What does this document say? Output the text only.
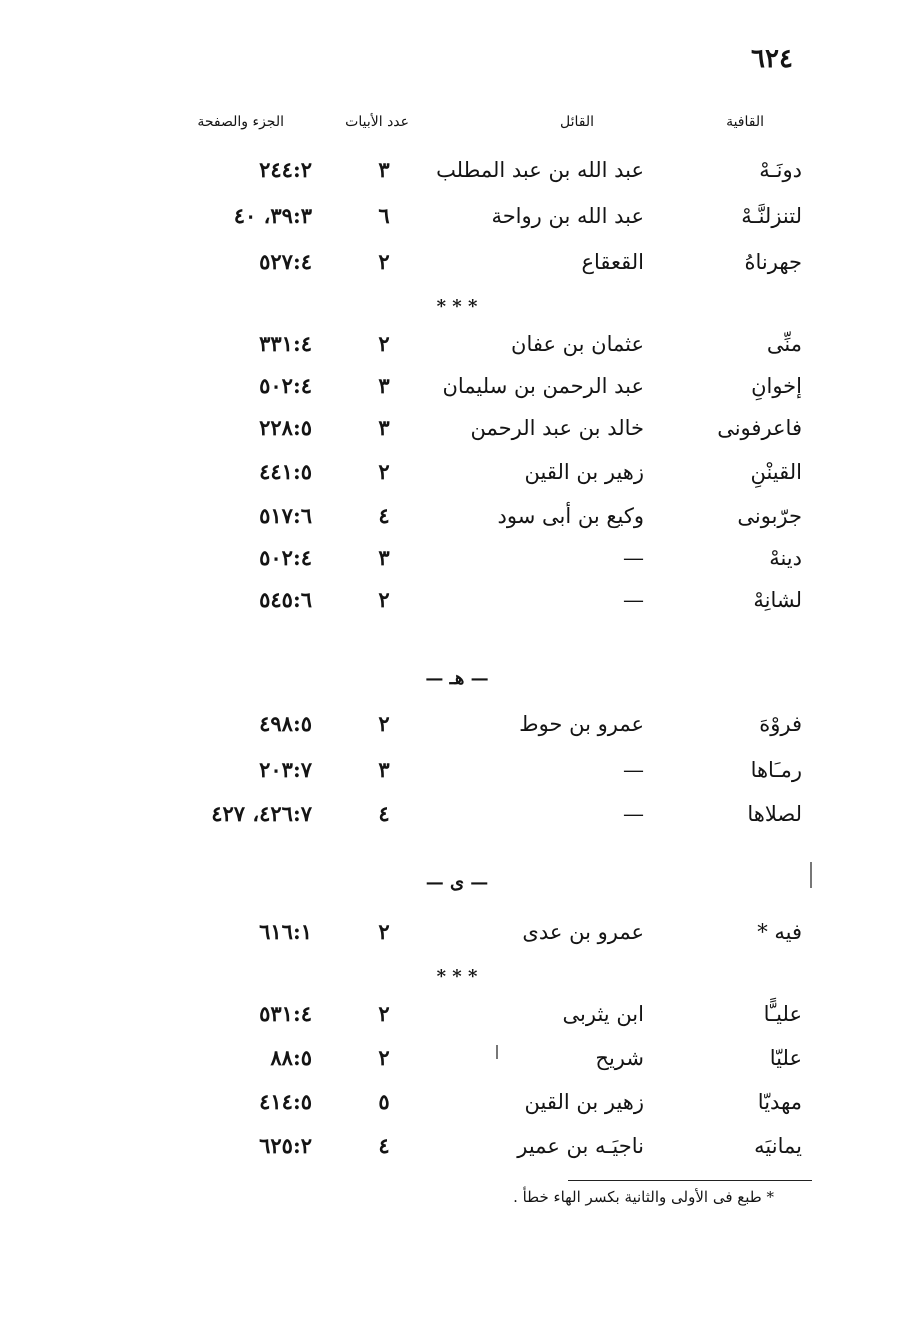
٦٢٤
القافية
القائل
عدد الأبيات
الجزء والصفحة
دونَـهْ
عبد الله بن عبد المطلب
٣
٢٤٤:٢
لتنزلنَّـهْ
عبد الله بن رواحة
٦
٣٩:٣، ٤٠
جهرناهُ
القعقاع
٢
٥٢٧:٤
* * *
منِّى
عثمان بن عفان
٢
٣٣١:٤
إخوانِ
عبد الرحمن بن سليمان
٣
٥٠٢:٤
فاعرفونى
خالد بن عبد الرحمن
٣
٢٢٨:٥
القينْنِ
زهير بن القين
٢
٤٤١:٥
جرّبونى
وكيع بن أبى سود
٤
٥١٧:٦
دينهْ
—
٣
٥٠٢:٤
لشانِهْ
—
٢
٥٤٥:٦
— هـ —
فروْهَ
عمرو بن حوط
٢
٤٩٨:٥
رمـَاها
—
٣
٢٠٣:٧
لصلاها
—
٤
٤٢٦:٧، ٤٢٧
— ى —
فيه *
عمرو بن عدى
٢
٦١٦:١
* * *
عليـًّا
ابن يثربى
٢
٥٣١:٤
عليّا
شريح
٢
٨٨:٥
مهديّا
زهير بن القين
٥
٤١٤:٥
يمانيَه
ناجيَـه بن عمير
٤
٦٢٥:٢
* طبع فى الأولى والثانية بكسر الهاء خطأ .
